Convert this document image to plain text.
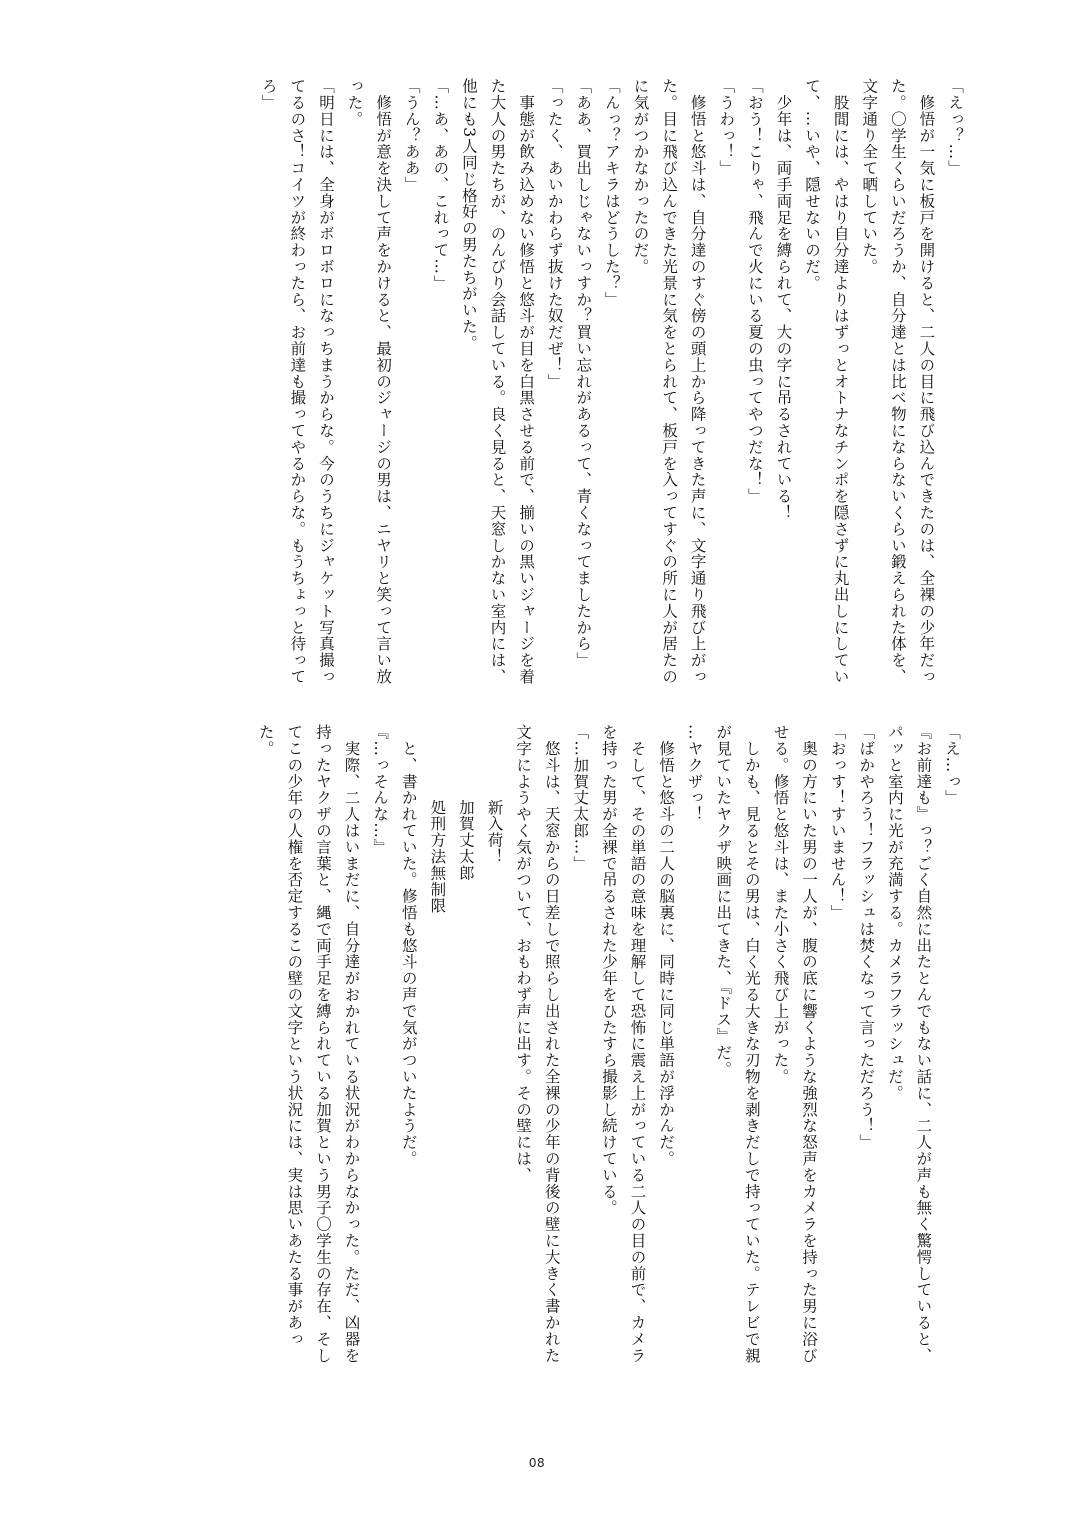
「えっ？…」

　修悟が一気に板戸を開けると、二人の目に飛び込んできたのは、全裸の少年だった。〇学生くらいだろうか、自分達とは比べ物にならないくらい鍛えられた体を、文字通り全て晒していた。

　股間には、やはり自分達よりはずっとオトナなチンポを隠さずに丸出しにしていて、…いや、隠せないのだ。

　少年は、両手両足を縛られて、大の字に吊るされている！

「おう！こりゃ、飛んで火にいる夏の虫ってやつだな！」

「うわっ！」

　修悟と悠斗は、自分達のすぐ傍の頭上から降ってきた声に、文字通り飛び上がった。目に飛び込んできた光景に気をとられて、板戸を入ってすぐの所に人が居たのに気がつかなかったのだ。

「んっ？アキラはどうした？」

「ああ、買出しじゃないっすか？買い忘れがあるって、青くなってましたから」

「ったく、あいかわらず抜けた奴だぜ！」

　事態が飲み込めない修悟と悠斗が目を白黒させる前で、揃いの黒いジャージを着た大人の男たちが、のんびり会話している。良く見ると、天窓しかない室内には、他にも3人同じ格好の男たちがいた。

「…あ、あの、これって…」

「うん？ああ」

　修悟が意を決して声をかけると、最初のジャージの男は、ニヤリと笑って言い放った。

「明日には、全身がボロボロになっちまうからな。今のうちにジャケット写真撮ってるのさ！コイツが終わったら、お前達も撮ってやるからな。もうちょっと待ってろ」

「え…っ」

『お前達も』っ？ごく自然に出たとんでもない話に、二人が声も無く驚愕していると、パッと室内に光が充満する。カメラフラッシュだ。

「ばかやろう！フラッシュは焚くなって言っただろう！」

「おっす！すいません！」

　奥の方にいた男の一人が、腹の底に響くような強烈な怒声をカメラを持った男に浴びせる。修悟と悠斗は、また小さく飛び上がった。

　しかも、見るとその男は、白く光る大きな刃物を剥きだしで持っていた。テレビで親が見ていたヤクザ映画に出てきた、『ドス』だ。

…ヤクザっ！

　修悟と悠斗の二人の脳裏に、同時に同じ単語が浮かんだ。

　そして、その単語の意味を理解して恐怖に震え上がっている二人の目の前で、カメラを持った男が全裸で吊るされた少年をひたすら撮影し続けている。

「…加賀丈太郎…」

　悠斗は、天窓からの日差しで照らし出された全裸の少年の背後の壁に大きく書かれた文字にようやく気がついて、おもわず声に出す。その壁には、

　　　新入荷！
　　　加賀丈太郎
　　　処刑方法無制限

　と、書かれていた。修悟も悠斗の声で気がついたようだ。

『…っそんな…』

　実際、二人はいまだに、自分達がおかれている状況がわからなかった。ただ、凶器を持ったヤクザの言葉と、縄で両手足を縛られている加賀という男子〇学生の存在、そしてこの少年の人権を否定するこの壁の文字という状況には、実は思いあたる事があった。

08
